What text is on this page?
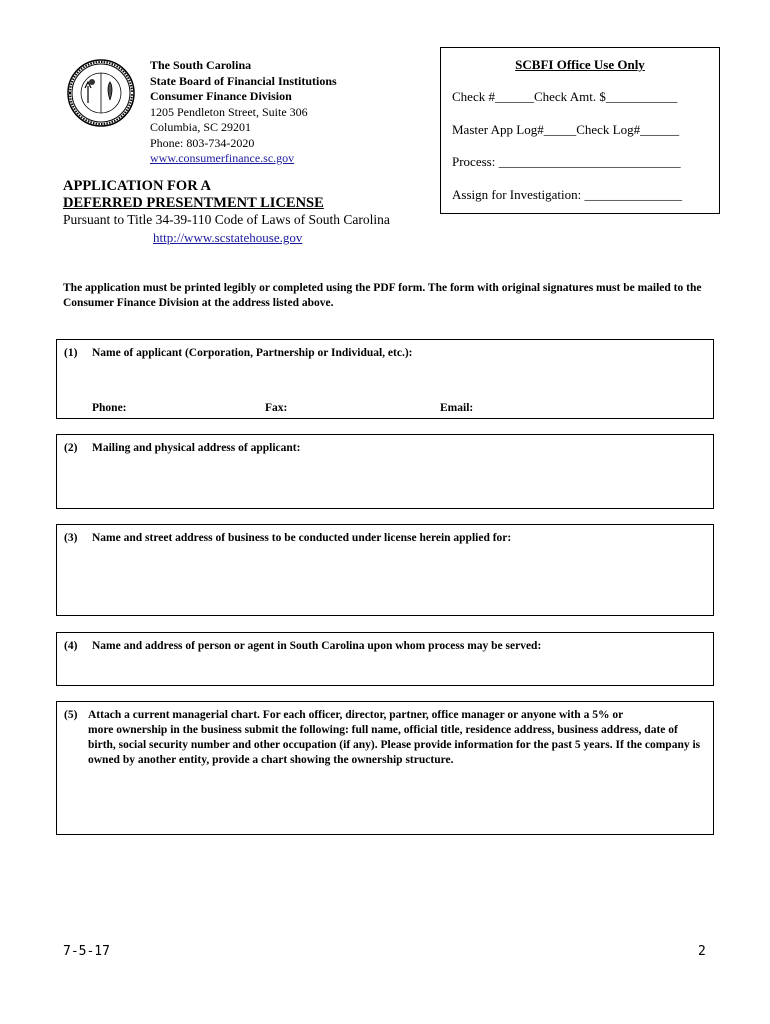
The South Carolina
State Board of Financial Institutions
Consumer Finance Division
1205 Pendleton Street, Suite 306
Columbia, SC 29201
Phone: 803-734-2020
www.consumerfinance.sc.gov
SCBFI Office Use Only
Check #______Check Amt. $___________
Master App Log#_____Check Log#______
Process: ____________________________
Assign for Investigation: _______________
APPLICATION FOR A
DEFERRED PRESENTMENT LICENSE
Pursuant to Title 34-39-110 Code of Laws of South Carolina
http://www.scstatehouse.gov
The application must be printed legibly or completed using the PDF form. The form with original signatures must be mailed to the Consumer Finance Division at the address listed above.
(1) Name of applicant (Corporation, Partnership or Individual, etc.):
Phone:	Fax:	Email:
(2) Mailing and physical address of applicant:
(3) Name and street address of business to be conducted under license herein applied for:
(4) Name and address of person or agent in South Carolina upon whom process may be served:
(5) Attach a current managerial chart. For each officer, director, partner, office manager or anyone with a 5% or
more ownership in the business submit the following: full name, official title, residence address, business address, date of birth, social security number and other occupation (if any). Please provide information for the past 5 years. If the company is owned by another entity, provide a chart showing the ownership structure.
7-5-17	2
